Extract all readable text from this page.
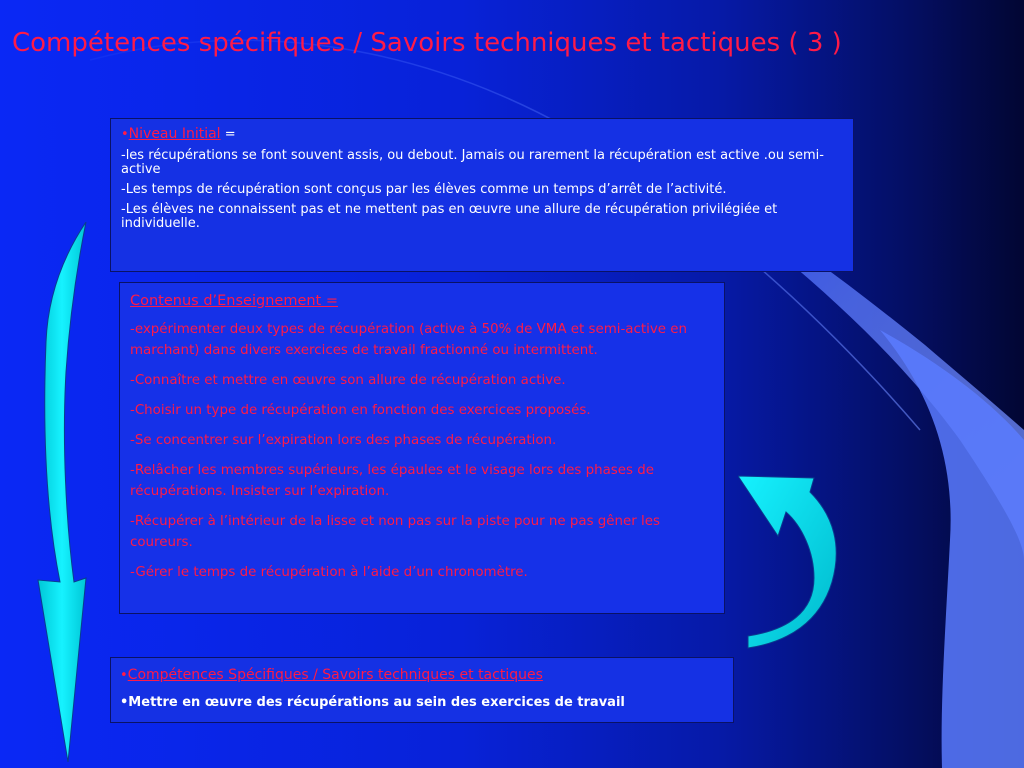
Compétences spécifiques / Savoirs techniques et tactiques ( 3 )

•Niveau Initial =

-les récupérations se font souvent assis, ou debout. Jamais ou rarement la récupération est active .ou semi-active

-Les temps de récupération sont conçus par les élèves comme un temps d’arrêt de l’activité.

-Les élèves ne connaissent pas et ne mettent pas en œuvre une allure de récupération privilégiée et individuelle.

Contenus d’Enseignement =

-expérimenter deux types de récupération (active à 50% de VMA et semi-active en marchant) dans divers exercices de travail fractionné ou intermittent.

-Connaître et mettre en œuvre son allure de récupération active.

-Choisir un type de récupération en fonction des exercices proposés.

-Se concentrer sur l’expiration lors des phases de récupération.

-Relâcher les membres supérieurs, les épaules et le visage lors des phases de récupérations. Insister sur l’expiration.

-Récupérer à l’intérieur de la lisse et non pas sur la piste pour ne pas gêner les coureurs.

-Gérer le temps de récupération à l’aide d’un chronomètre.

•Compétences Spécifiques / Savoirs techniques et tactiques

•Mettre en œuvre des récupérations au sein des exercices de travail
